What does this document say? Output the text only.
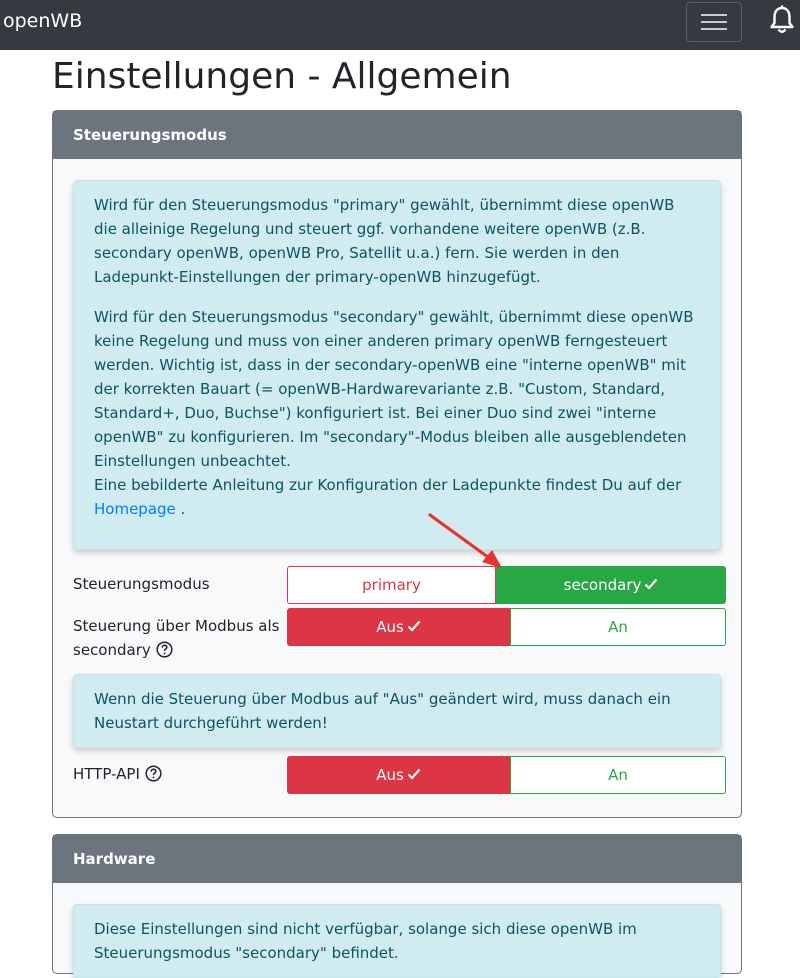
openWB
Einstellungen - Allgemein
Steuerungsmodus

Wird für den Steuerungsmodus "primary" gewählt, übernimmt diese openWB die alleinige Regelung und steuert ggf. vorhandene weitere openWB (z.B. secondary openWB, openWB Pro, Satellit u.a.) fern. Sie werden in den Ladepunkt-Einstellungen der primary-openWB hinzugefügt.

Wird für den Steuerungsmodus "secondary" gewählt, übernimmt diese openWB keine Regelung und muss von einer anderen primary openWB ferngesteuert werden. Wichtig ist, dass in der secondary-openWB eine "interne openWB" mit der korrekten Bauart (= openWB-Hardwarevariante z.B. "Custom, Standard, Standard+, Duo, Buchse") konfiguriert ist. Bei einer Duo sind zwei "interne openWB" zu konfigurieren. Im "secondary"-Modus bleiben alle ausgeblendeten Einstellungen unbeachtet.
Eine bebilderte Anleitung zur Konfiguration der Ladepunkte findest Du auf der
Homepage .

Steuerungsmodus	primary	secondary
Steuerung über Modbus als
secondary
Aus	An

Wenn die Steuerung über Modbus auf "Aus" geändert wird, muss danach ein Neustart durchgeführt werden!

HTTP-API	Aus	An
Hardware

Diese Einstellungen sind nicht verfügbar, solange sich diese openWB im Steuerungsmodus "secondary" befindet.
